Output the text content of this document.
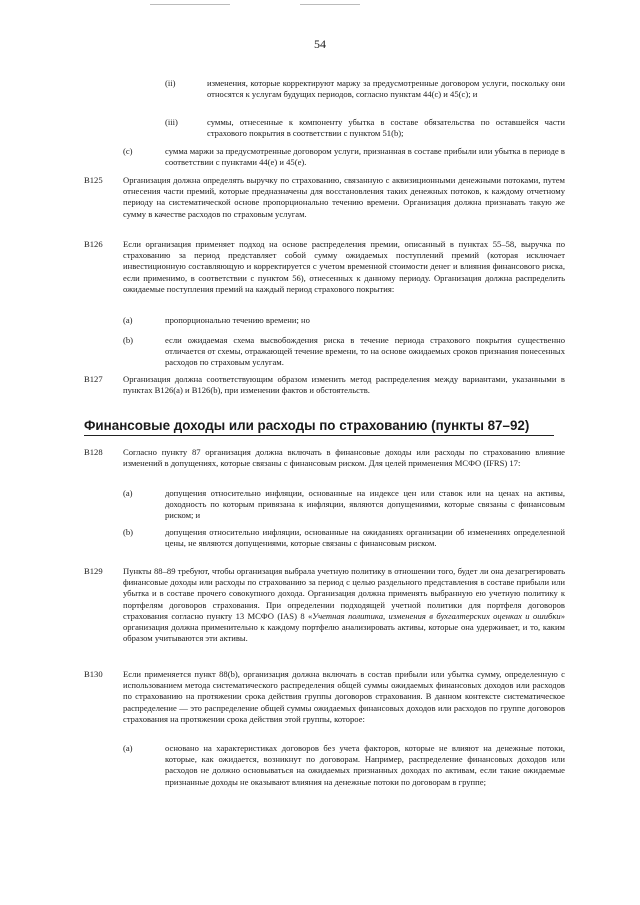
54
(ii)	изменения, которые корректируют маржу за предусмотренные договором услуги, поскольку они относятся к услугам будущих периодов, согласно пунктам 44(c) и 45(c); и
(iii)	суммы, отнесенные к компоненту убытка в составе обязательства по оставшейся части страхового покрытия в соответствии с пунктом 51(b);
(c)	сумма маржи за предусмотренные договором услуги, признанная в составе прибыли или убытка в периоде в соответствии с пунктами 44(e) и 45(e).
B125 Организация должна определять выручку по страхованию, связанную с аквизиционными денежными потоками, путем отнесения части премий, которые предназначены для восстановления таких денежных потоков, к каждому отчетному периоду на систематической основе пропорционально течению времени. Организация должна признавать такую же сумму в качестве расходов по страховым услугам.
B126 Если организация применяет подход на основе распределения премии, описанный в пунктах 55–58, выручка по страхованию за период представляет собой сумму ожидаемых поступлений премий (которая исключает инвестиционную составляющую и корректируется с учетом временной стоимости денег и влияния финансового риска, если применимо, в соответствии с пунктом 56), отнесенных к данному периоду. Организация должна распределить ожидаемые поступления премий на каждый период страхового покрытия:
(a)	пропорционально течению времени; но
(b)	если ожидаемая схема высвобождения риска в течение периода страхового покрытия существенно отличается от схемы, отражающей течение времени, то на основе ожидаемых сроков признания понесенных расходов по страховым услугам.
B127 Организация должна соответствующим образом изменить метод распределения между вариантами, указанными в пунктах B126(a) и B126(b), при изменении фактов и обстоятельств.
Финансовые доходы или расходы по страхованию (пункты 87–92)
B128 Согласно пункту 87 организация должна включать в финансовые доходы или расходы по страхованию влияние изменений в допущениях, которые связаны с финансовым риском. Для целей применения МСФО (IFRS) 17:
(a)	допущения относительно инфляции, основанные на индексе цен или ставок или на ценах на активы, доходность по которым привязана к инфляции, являются допущениями, которые связаны с финансовым риском; и
(b)	допущения относительно инфляции, основанные на ожиданиях организации об изменениях определенной цены, не являются допущениями, которые связаны с финансовым риском.
B129 Пункты 88–89 требуют, чтобы организация выбрала учетную политику в отношении того, будет ли она дезагрегировать финансовые доходы или расходы по страхованию за период с целью раздельного представления в составе прибыли или убытка и в составе прочего совокупного дохода. Организация должна применять выбранную ею учетную политику к портфелям договоров страхования. При определении подходящей учетной политики для портфеля договоров страхования согласно пункту 13 МСФО (IAS) 8 «Учетная политика, изменения в бухгалтерских оценках и ошибки» организация должна применительно к каждому портфелю анализировать активы, которые она удерживает, и то, каким образом учитываются эти активы.
B130 Если применяется пункт 88(b), организация должна включать в состав прибыли или убытка сумму, определенную с использованием метода систематического распределения общей суммы ожидаемых финансовых доходов или расходов по страхованию на протяжении срока действия группы договоров страхования. В данном контексте систематическое распределение — это распределение общей суммы ожидаемых финансовых доходов или расходов по группе договоров страхования на протяжении срока действия этой группы, которое:
(a)	основано на характеристиках договоров без учета факторов, которые не влияют на денежные потоки, которые, как ожидается, возникнут по договорам. Например, распределение финансовых доходов или расходов не должно основываться на ожидаемых признанных доходах по активам, если такие ожидаемые признанные доходы не оказывают влияния на денежные потоки по договорам в группе;
